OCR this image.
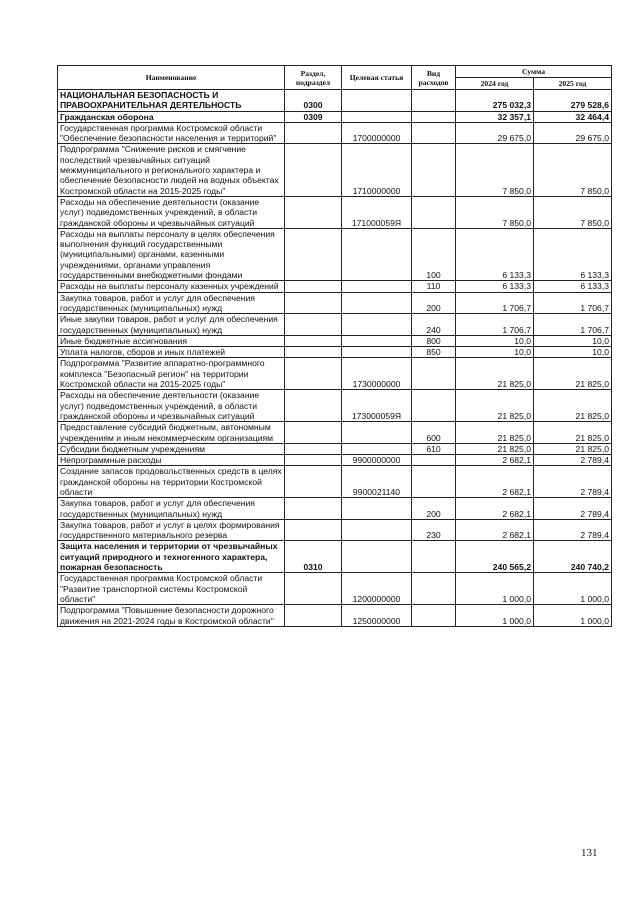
Наименование	Раздел, подраздел	Целевая статья	Вид расходов	Сумма	
				2024 год	2025 год
НАЦИОНАЛЬНАЯ БЕЗОПАСНОСТЬ И ПРАВООХРАНИТЕЛЬНАЯ ДЕЯТЕЛЬНОСТЬ	0300			275 032,3	279 528,6
Гражданская оборона	0309			32 357,1	32 464,4
Государственная программа Костромской области "Обеспечение безопасности населения и территорий"		1700000000		29 675,0	29 675,0
Подпрограмма "Снижение рисков и смягчение последствий чрезвычайных ситуаций межмуниципального и регионального характера и обеспечение безопасности людей на водных объектах Костромской области на 2015-2025 годы"		1710000000		7 850,0	7 850,0
Расходы на обеспечение деятельности (оказание услуг) подведомственных учреждений, в области гражданской обороны и чрезвычайных ситуаций		171000059Я		7 850,0	7 850,0
Расходы на выплаты персоналу в целях обеспечения выполнения функций государственными (муниципальными) органами, казенными учреждениями, органами управления государственными внебюджетными фондами			100	6 133,3	6 133,3
Расходы на выплаты персоналу казенных учреждений			110	6 133,3	6 133,3
Закупка товаров, работ и услуг для обеспечения государственных (муниципальных) нужд			200	1 706,7	1 706,7
Иные закупки товаров, работ и услуг для обеспечения государственных (муниципальных) нужд			240	1 706,7	1 706,7
Иные бюджетные ассигнования			800	10,0	10,0
Уплата налогов, сборов и иных платежей			850	10,0	10,0
Подпрограмма "Развитие аппаратно-программного комплекса "Безопасный регион" на территории Костромской области на 2015-2025 годы"		1730000000		21 825,0	21 825,0
Расходы на обеспечение деятельности (оказание услуг) подведомственных учреждений, в области гражданской обороны и чрезвычайных ситуаций		173000059Я		21 825,0	21 825,0
Предоставление субсидий бюджетным, автономным учреждениям и иным некоммерческим организациям			600	21 825,0	21 825,0
Субсидии бюджетным учреждениям			610	21 825,0	21 825,0
Непрограммные расходы		9900000000		2 682,1	2 789,4
Создание запасов продовольственных средств в целях гражданской обороны на территории Костромской области		9900021140		2 682,1	2 789,4
Закупка товаров, работ и услуг для обеспечения государственных (муниципальных) нужд			200	2 682,1	2 789,4
Закупка товаров, работ и услуг в целях формирования государственного материального резерва			230	2 682,1	2 789,4
Защита населения и территории от чрезвычайных ситуаций природного и техногенного характера, пожарная безопасность	0310			240 565,2	240 740,2
Государственная программа Костромской области "Развитие транспортной системы Костромской области"		1200000000		1 000,0	1 000,0
Подпрограмма "Повышение безопасности дорожного движения на 2021-2024 годы в Костромской области"		1250000000		1 000,0	1 000,0
131
